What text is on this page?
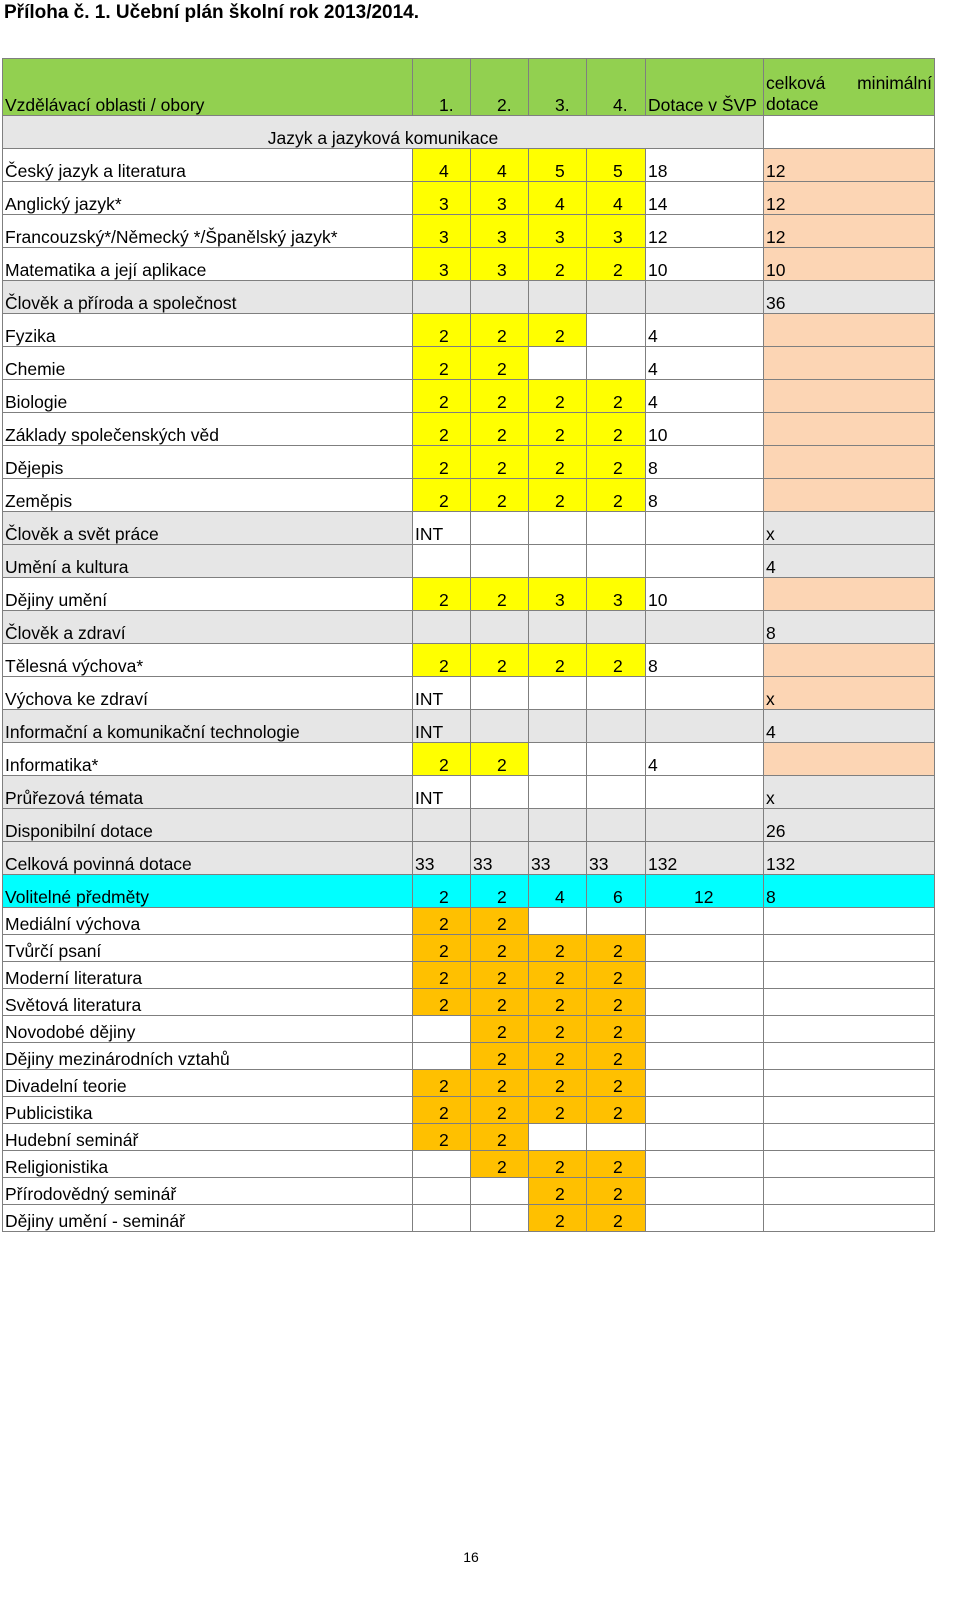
Příloha č. 1. Učební plán školní rok 2013/2014.
Vzdělávací oblasti / obory	1.	2.	3.	4.	Dotace v ŠVP	celková minimální
dotace

Jazyk a jazyková komunikace						
Český jazyk a literatura	4	4	5	5	18	12
Anglický jazyk*	3	3	4	4	14	12
Francouzský*/Německý */Španělský jazyk*	3	3	3	3	12	12
Matematika a její aplikace	3	3	2	2	10	10
Člověk a příroda a společnost						36
Fyzika	2	2	2		4	
Chemie	2	2			4	
Biologie	2	2	2	2	4	
Základy společenských věd	2	2	2	2	10	
Dějepis	2	2	2	2	8	
Zeměpis	2	2	2	2	8	
Člověk a svět práce	INT					x
Umění a kultura						4
Dějiny umění	2	2	3	3	10	
Člověk a zdraví						8
Tělesná výchova*	2	2	2	2	8	
Výchova ke zdraví	INT					x
Informační a komunikační technologie	INT					4
Informatika*	2	2			4	
Průřezová témata	INT					x
Disponibilní dotace						26
Celková povinná dotace	33	33	33	33	132	132
Volitelné předměty	2	2	4	6	12	8
Mediální výchova	2	2				
Tvůrčí psaní	2	2	2	2		
Moderní literatura	2	2	2	2		
Světová literatura	2	2	2	2		
Novodobé dějiny		2	2	2		
Dějiny mezinárodních vztahů		2	2	2		
Divadelní teorie	2	2	2	2		
Publicistika	2	2	2	2		
Hudební seminář	2	2				
Religionistika		2	2	2		
Přírodovědný seminář			2	2		
Dějiny umění - seminář			2	2		
16
